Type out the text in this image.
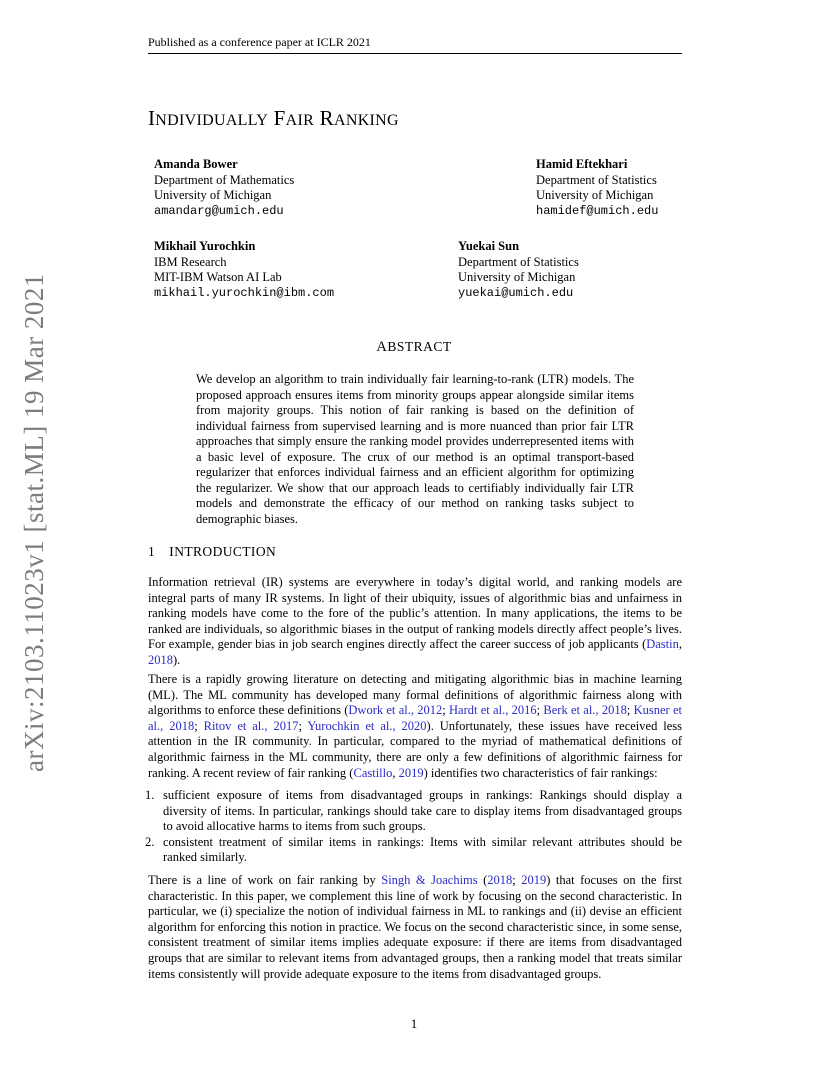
Published as a conference paper at ICLR 2021
arXiv:2103.11023v1 [stat.ML] 19 Mar 2021
INDIVIDUALLY FAIR RANKING
Amanda Bower
Department of Mathematics
University of Michigan
amandarg@umich.edu
Hamid Eftekhari
Department of Statistics
University of Michigan
hamidef@umich.edu
Mikhail Yurochkin
IBM Research
MIT-IBM Watson AI Lab
mikhail.yurochkin@ibm.com
Yuekai Sun
Department of Statistics
University of Michigan
yuekai@umich.edu
ABSTRACT
We develop an algorithm to train individually fair learning-to-rank (LTR) models. The proposed approach ensures items from minority groups appear alongside similar items from majority groups. This notion of fair ranking is based on the definition of individual fairness from supervised learning and is more nuanced than prior fair LTR approaches that simply ensure the ranking model provides underrepresented items with a basic level of exposure. The crux of our method is an optimal transport-based regularizer that enforces individual fairness and an efficient algorithm for optimizing the regularizer. We show that our approach leads to certifiably individually fair LTR models and demonstrate the efficacy of our method on ranking tasks subject to demographic biases.
1 INTRODUCTION

Information retrieval (IR) systems are everywhere in today’s digital world, and ranking models are integral parts of many IR systems. In light of their ubiquity, issues of algorithmic bias and unfairness in ranking models have come to the fore of the public’s attention. In many applications, the items to be ranked are individuals, so algorithmic biases in the output of ranking models directly affect people’s lives. For example, gender bias in job search engines directly affect the career success of job applicants (Dastin, 2018).

There is a rapidly growing literature on detecting and mitigating algorithmic bias in machine learning (ML). The ML community has developed many formal definitions of algorithmic fairness along with algorithms to enforce these definitions (Dwork et al., 2012; Hardt et al., 2016; Berk et al., 2018; Kusner et al., 2018; Ritov et al., 2017; Yurochkin et al., 2020). Unfortunately, these issues have received less attention in the IR community. In particular, compared to the myriad of mathematical definitions of algorithmic fairness in the ML community, there are only a few definitions of algorithmic fairness for ranking. A recent review of fair ranking (Castillo, 2019) identifies two characteristics of fair rankings:

1. sufficient exposure of items from disadvantaged groups in rankings: Rankings should display a diversity of items. In particular, rankings should take care to display items from disadvantaged groups to avoid allocative harms to items from such groups.
2. consistent treatment of similar items in rankings: Items with similar relevant attributes should be ranked similarly.

There is a line of work on fair ranking by Singh & Joachims (2018; 2019) that focuses on the first characteristic. In this paper, we complement this line of work by focusing on the second characteristic. In particular, we (i) specialize the notion of individual fairness in ML to rankings and (ii) devise an efficient algorithm for enforcing this notion in practice. We focus on the second characteristic since, in some sense, consistent treatment of similar items implies adequate exposure: if there are items from disadvantaged groups that are similar to relevant items from advantaged groups, then a ranking model that treats similar items consistently will provide adequate exposure to the items from disadvantaged groups.

1
